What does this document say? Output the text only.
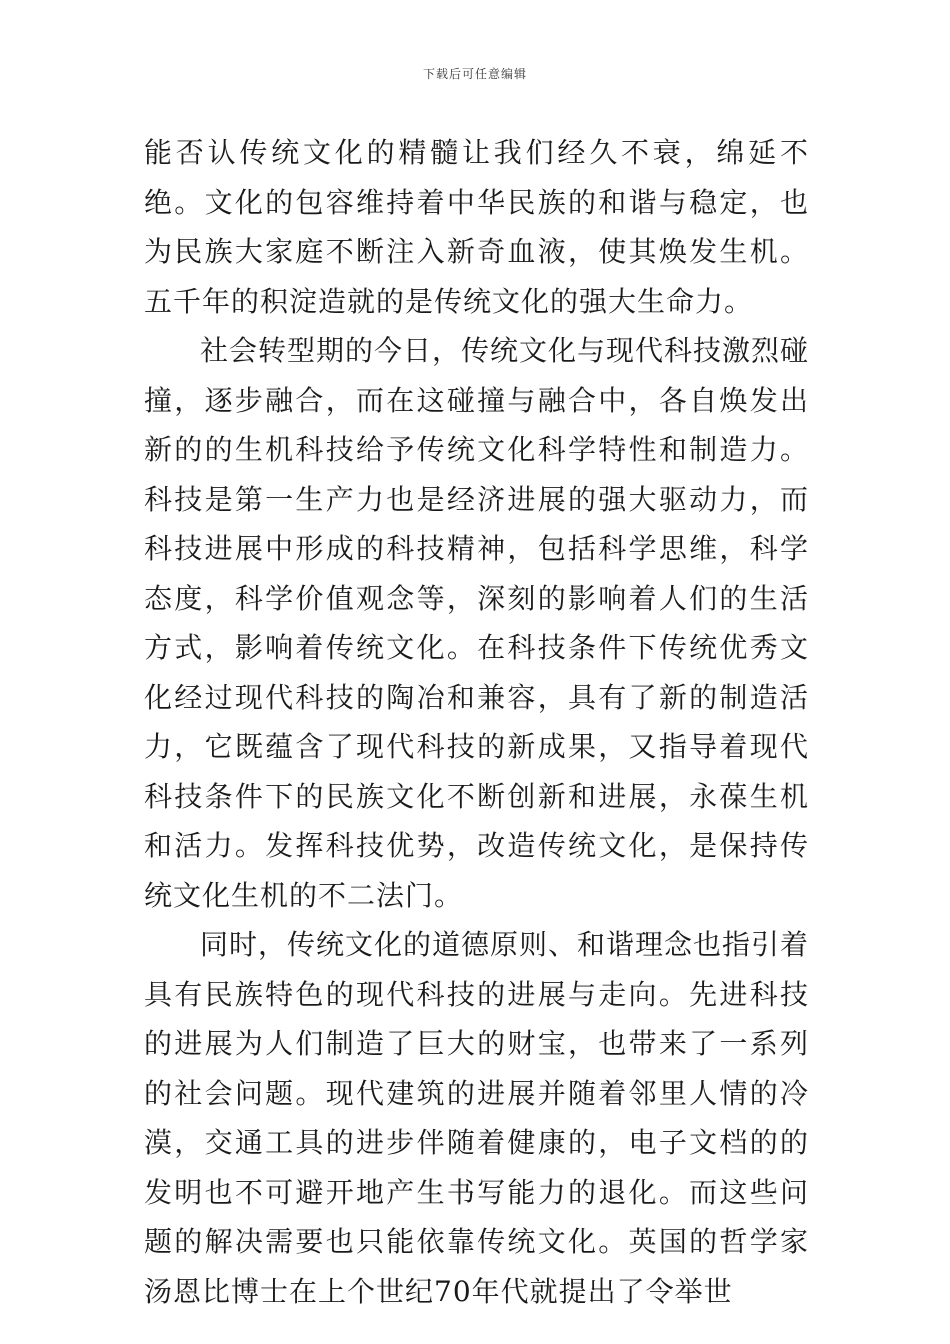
下载后可任意编辑

能否认传统文化的精髓让我们经久不衰，绵延不绝。文化的包容维持着中华民族的和谐与稳定，也为民族大家庭不断注入新奇血液，使其焕发生机。五千年的积淀造就的是传统文化的强大生命力。

社会转型期的今日，传统文化与现代科技激烈碰撞，逐步融合，而在这碰撞与融合中，各自焕发出新的的生机科技给予传统文化科学特性和制造力。科技是第一生产力也是经济进展的强大驱动力，而科技进展中形成的科技精神，包括科学思维，科学态度，科学价值观念等，深刻的影响着人们的生活方式，影响着传统文化。在科技条件下传统优秀文化经过现代科技的陶冶和兼容，具有了新的制造活力，它既蕴含了现代科技的新成果，又指导着现代科技条件下的民族文化不断创新和进展，永葆生机和活力。发挥科技优势，改造传统文化，是保持传统文化生机的不二法门。

同时，传统文化的道德原则、和谐理念也指引着具有民族特色的现代科技的进展与走向。先进科技的进展为人们制造了巨大的财宝，也带来了一系列的社会问题。现代建筑的进展并随着邻里人情的冷漠，交通工具的进步伴随着健康的，电子文档的的发明也不可避开地产生书写能力的退化。而这些问题的解决需要也只能依靠传统文化。英国的哲学家汤恩比博士在上个世纪70年代就提出了令举世
